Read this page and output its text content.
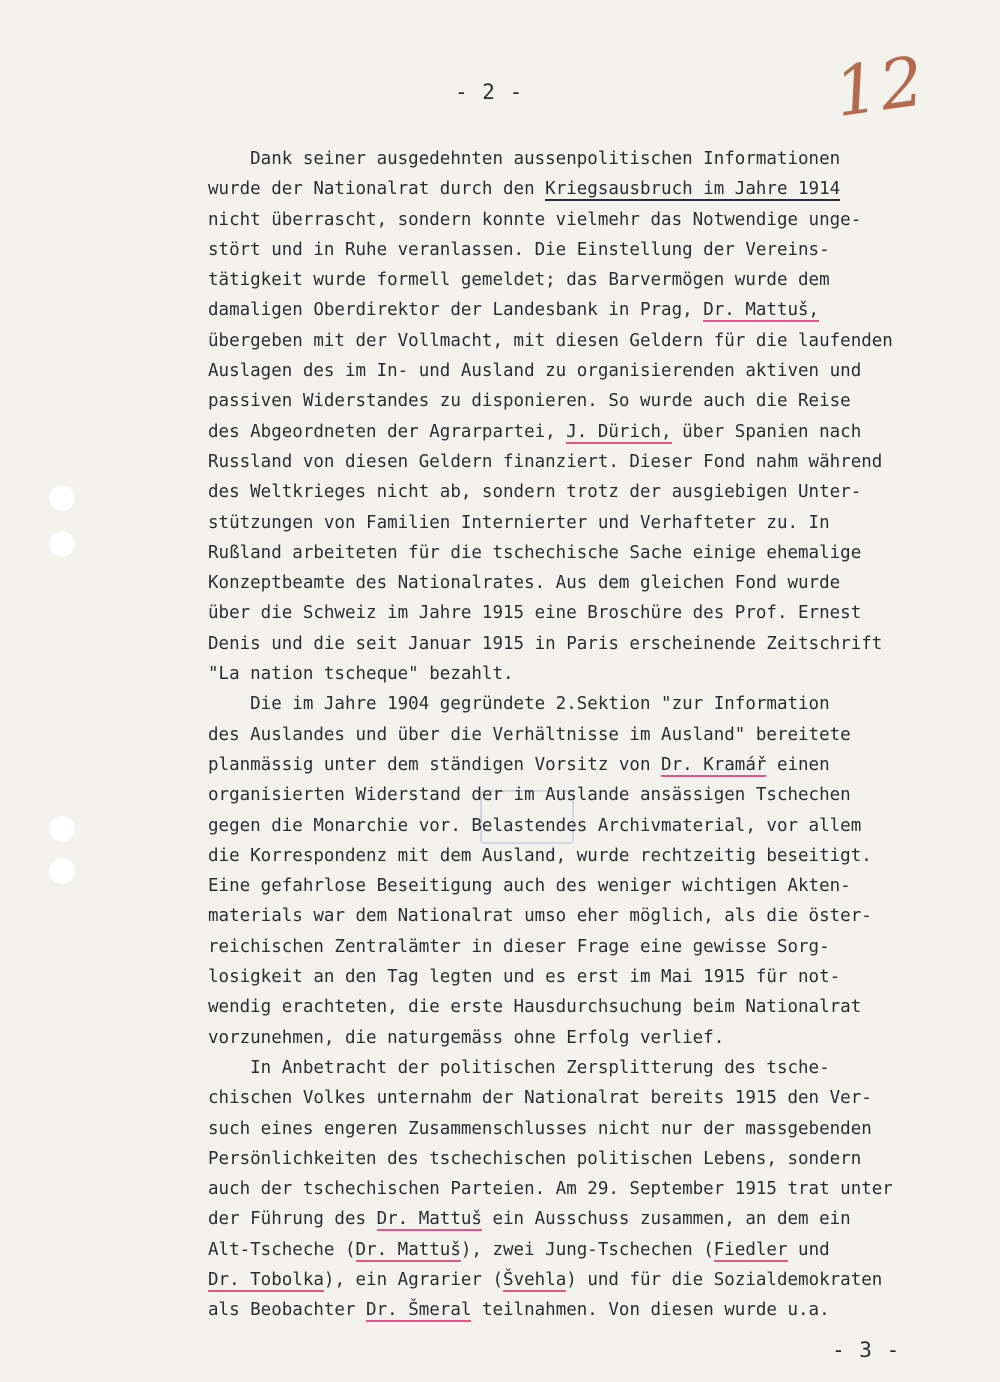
- 2 -	12
Dank seiner ausgedehnten aussenpolitischen Informationen
wurde der Nationalrat durch den Kriegsausbruch im Jahre 1914
nicht überrascht, sondern konnte vielmehr das Notwendige unge-
stört und in Ruhe veranlassen. Die Einstellung der Vereins-
tätigkeit wurde formell gemeldet; das Barvermögen wurde dem
damaligen Oberdirektor der Landesbank in Prag, Dr. Mattuš,
übergeben mit der Vollmacht, mit diesen Geldern für die laufenden
Auslagen des im In- und Ausland zu organisierenden aktiven und
passiven Widerstandes zu disponieren. So wurde auch die Reise
des Abgeordneten der Agrarpartei, J. Dürich, über Spanien nach
Russland von diesen Geldern finanziert. Dieser Fond nahm während
des Weltkrieges nicht ab, sondern trotz der ausgiebigen Unter-
stützungen von Familien Internierter und Verhafteter zu. In
Rußland arbeiteten für die tschechische Sache einige ehemalige
Konzeptbeamte des Nationalrates. Aus dem gleichen Fond wurde
über die Schweiz im Jahre 1915 eine Broschüre des Prof. Ernest
Denis und die seit Januar 1915 in Paris erscheinende Zeitschrift
"La nation tscheque" bezahlt.
Die im Jahre 1904 gegründete 2.Sektion "zur Information
des Auslandes und über die Verhältnisse im Ausland" bereitete
planmässig unter dem ständigen Vorsitz von Dr. Kramář einen
organisierten Widerstand der im Auslande ansässigen Tschechen
gegen die Monarchie vor. Belastendes Archivmaterial, vor allem
die Korrespondenz mit dem Ausland, wurde rechtzeitig beseitigt.
Eine gefahrlose Beseitigung auch des weniger wichtigen Akten-
materials war dem Nationalrat umso eher möglich, als die öster-
reichischen Zentralämter in dieser Frage eine gewisse Sorg-
losigkeit an den Tag legten und es erst im Mai 1915 für not-
wendig erachteten, die erste Hausdurchsuchung beim Nationalrat
vorzunehmen, die naturgemäss ohne Erfolg verlief.
In Anbetracht der politischen Zersplitterung des tsche-
chischen Volkes unternahm der Nationalrat bereits 1915 den Ver-
such eines engeren Zusammenschlusses nicht nur der massgebenden
Persönlichkeiten des tschechischen politischen Lebens, sondern
auch der tschechischen Parteien. Am 29. September 1915 trat unter
der Führung des Dr. Mattuš ein Ausschuss zusammen, an dem ein
Alt-Tscheche (Dr. Mattuš), zwei Jung-Tschechen (Fiedler und
Dr. Tobolka), ein Agrarier (Švehla) und für die Sozialdemokraten
als Beobachter Dr. Šmeral teilnahmen. Von diesen wurde u.a.
- 3 -
